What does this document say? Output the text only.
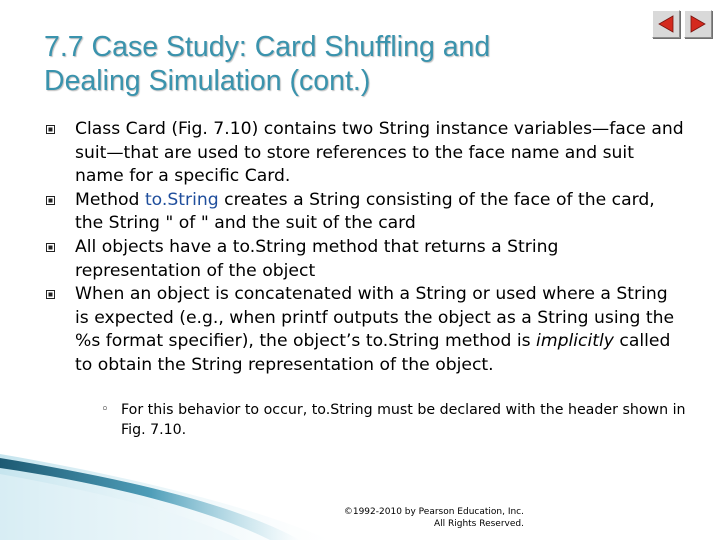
7.7 Case Study: Card Shuffling and
Dealing Simulation (cont.)
Class Card (Fig. 7.10) contains two String instance variables—face and suit—that are used to store references to the face name and suit name for a specific Card.
Method to.String creates a String consisting of the face of the card, the String " of " and the suit of the card
All objects have a to.String method that returns a String representation of the object
When an object is concatenated with a String or used where a String is expected (e.g., when printf outputs the object as a String using the %s format specifier), the object’s to.String method is implicitly called to obtain the String representation of the object.

◦ For this behavior to occur, to.String must be declared with the header shown in Fig. 7.10.

©1992-2010 by Pearson Education, Inc.
All Rights Reserved.
